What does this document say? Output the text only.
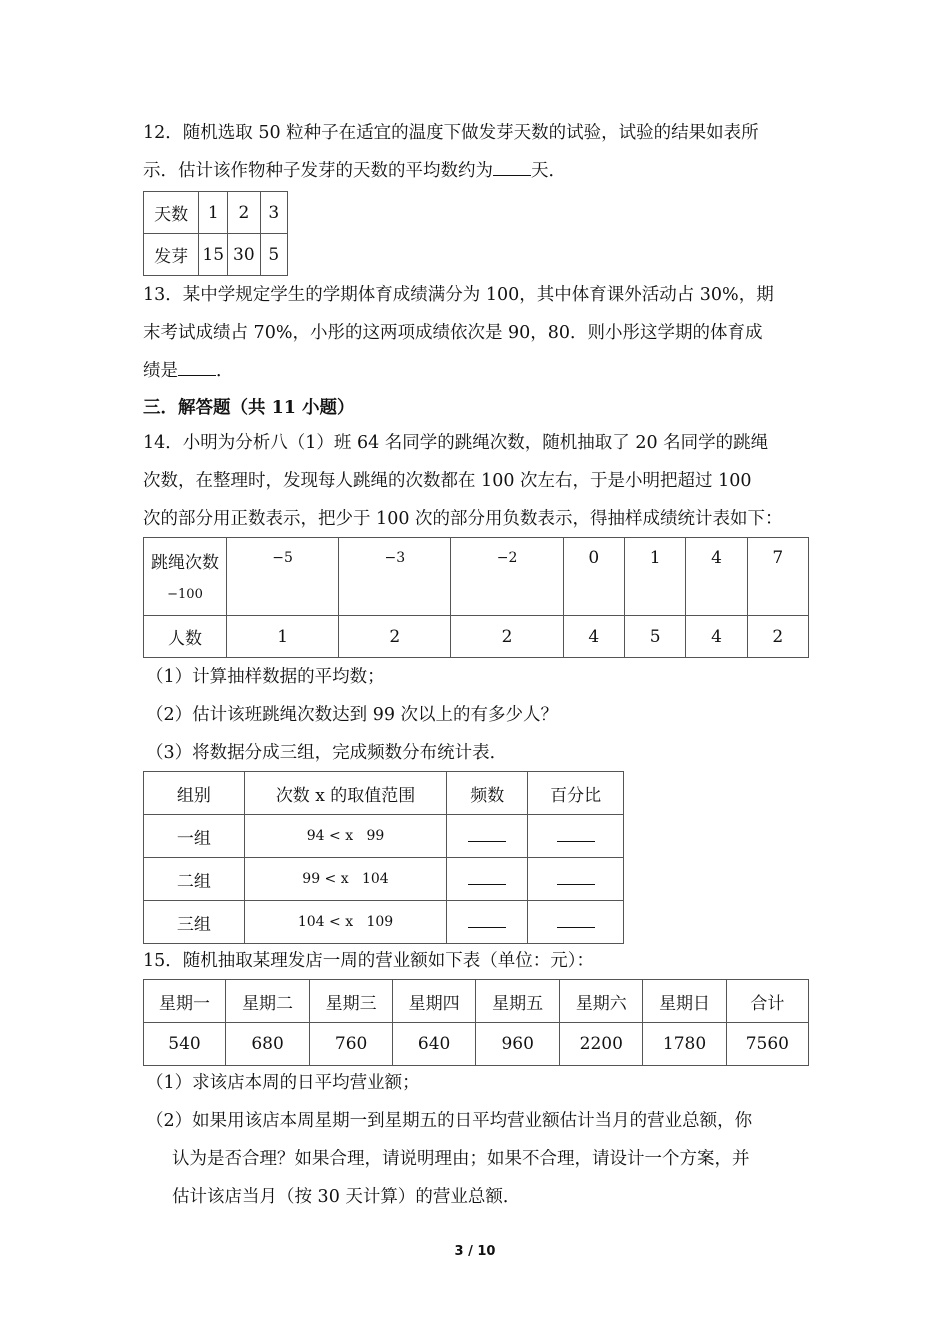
12．随机选取 50 粒种子在适宜的温度下做发芽天数的试验，试验的结果如表所
示．估计该作物种子发芽的天数的平均数约为 天．
天数	1	2	3
发芽	15	30	5
13．某中学规定学生的学期体育成绩满分为 100，其中体育课外活动占 30%，期
末考试成绩占 70%，小彤的这两项成绩依次是 90，80．则小彤这学期的体育成
绩是 ．
三．解答题（共 11 小题）
14．小明为分析八（1）班 64 名同学的跳绳次数，随机抽取了 20 名同学的跳绳
次数，在整理时，发现每人跳绳的次数都在 100 次左右，于是小明把超过 100
次的部分用正数表示，把少于 100 次的部分用负数表示，得抽样成绩统计表如下：
跳绳次数
−100	−5	−3	−2	0	1	4	7
人数	1	2	2	4	5	4	2
（1）计算抽样数据的平均数；
（2）估计该班跳绳次数达到 99 次以上的有多少人？
（3）将数据分成三组，完成频数分布统计表．
组别	次数 x 的取值范围	频数	百分比
一组	94 < x   99		
二组	99 < x   104		
三组	104 < x   109		
15．随机抽取某理发店一周的营业额如下表（单位：元）：
星期一	星期二	星期三	星期四	星期五	星期六	星期日	合计
540	680	760	640	960	2200	1780	7560
（1）求该店本周的日平均营业额；
（2）如果用该店本周星期一到星期五的日平均营业额估计当月的营业总额，你
认为是否合理？如果合理，请说明理由；如果不合理，请设计一个方案，并
估计该店当月（按 30 天计算）的营业总额．
3 / 10
